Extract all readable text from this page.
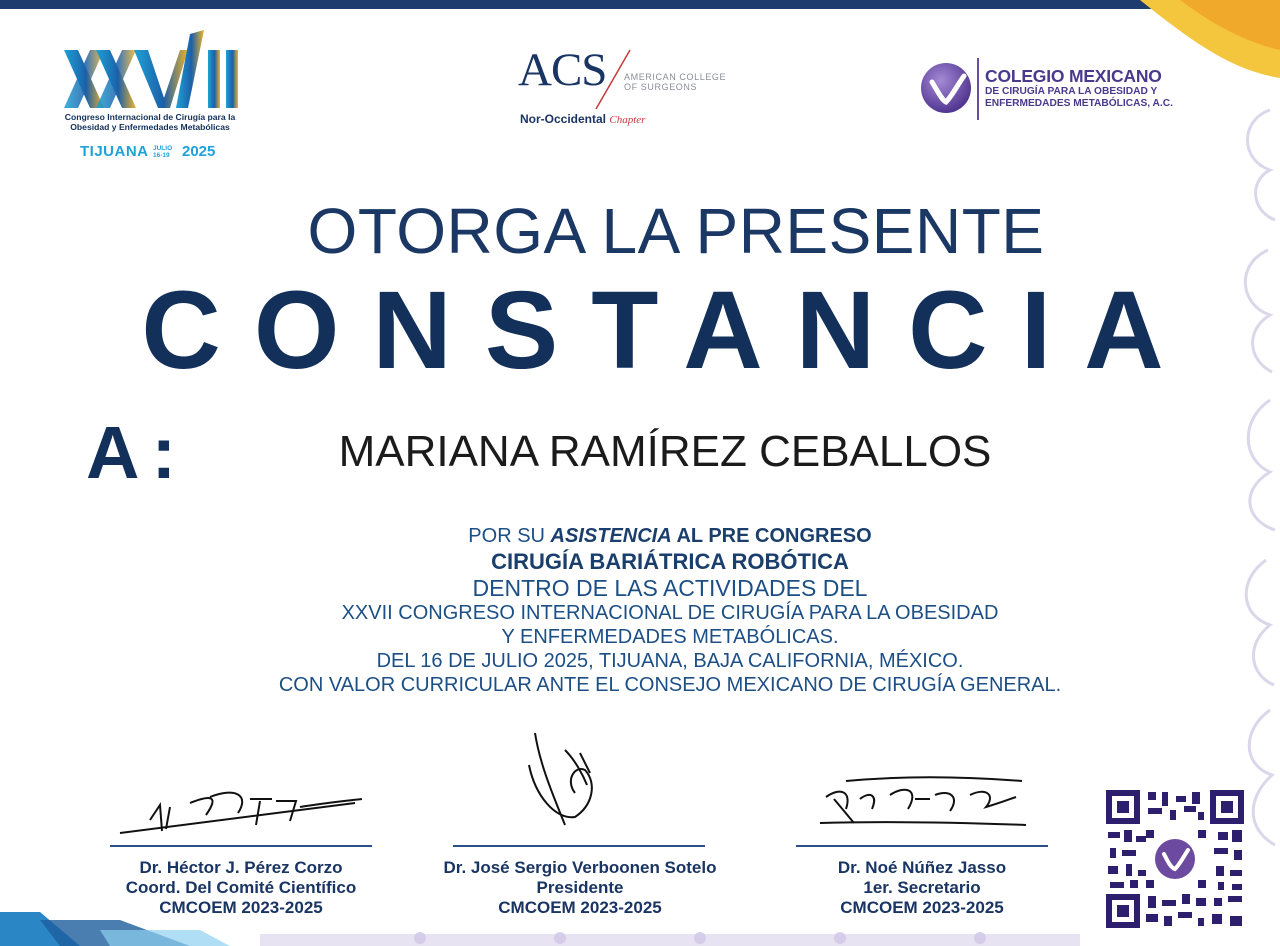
Congreso Internacional de Cirugía para la
Obesidad y Enfermedades Metabólicas
TIJUANA JULIO
16-19 2025
ACS AMERICAN COLLEGE
OF SURGEONS
Nor-Occidental Chapter
COLEGIO MEXICANO
DE CIRUGÍA PARA LA OBESIDAD Y
ENFERMEDADES METABÓLICAS, A.C.
OTORGA LA PRESENTE
CONSTANCIA
A:	MARIANA RAMÍREZ CEBALLOS
POR SU ASISTENCIA AL PRE CONGRESO
CIRUGÍA BARIÁTRICA ROBÓTICA
DENTRO DE LAS ACTIVIDADES DEL
XXVII CONGRESO INTERNACIONAL DE CIRUGÍA PARA LA OBESIDAD
Y ENFERMEDADES METABÓLICAS.
DEL 16 DE JULIO 2025, TIJUANA, BAJA CALIFORNIA, MÉXICO.
CON VALOR CURRICULAR ANTE EL CONSEJO MEXICANO DE CIRUGÍA GENERAL.
Dr. Héctor J. Pérez Corzo
Coord. Del Comité Científico
CMCOEM 2023-2025
Dr. José Sergio Verboonen Sotelo
Presidente
CMCOEM 2023-2025
Dr. Noé Núñez Jasso
1er. Secretario
CMCOEM 2023-2025
